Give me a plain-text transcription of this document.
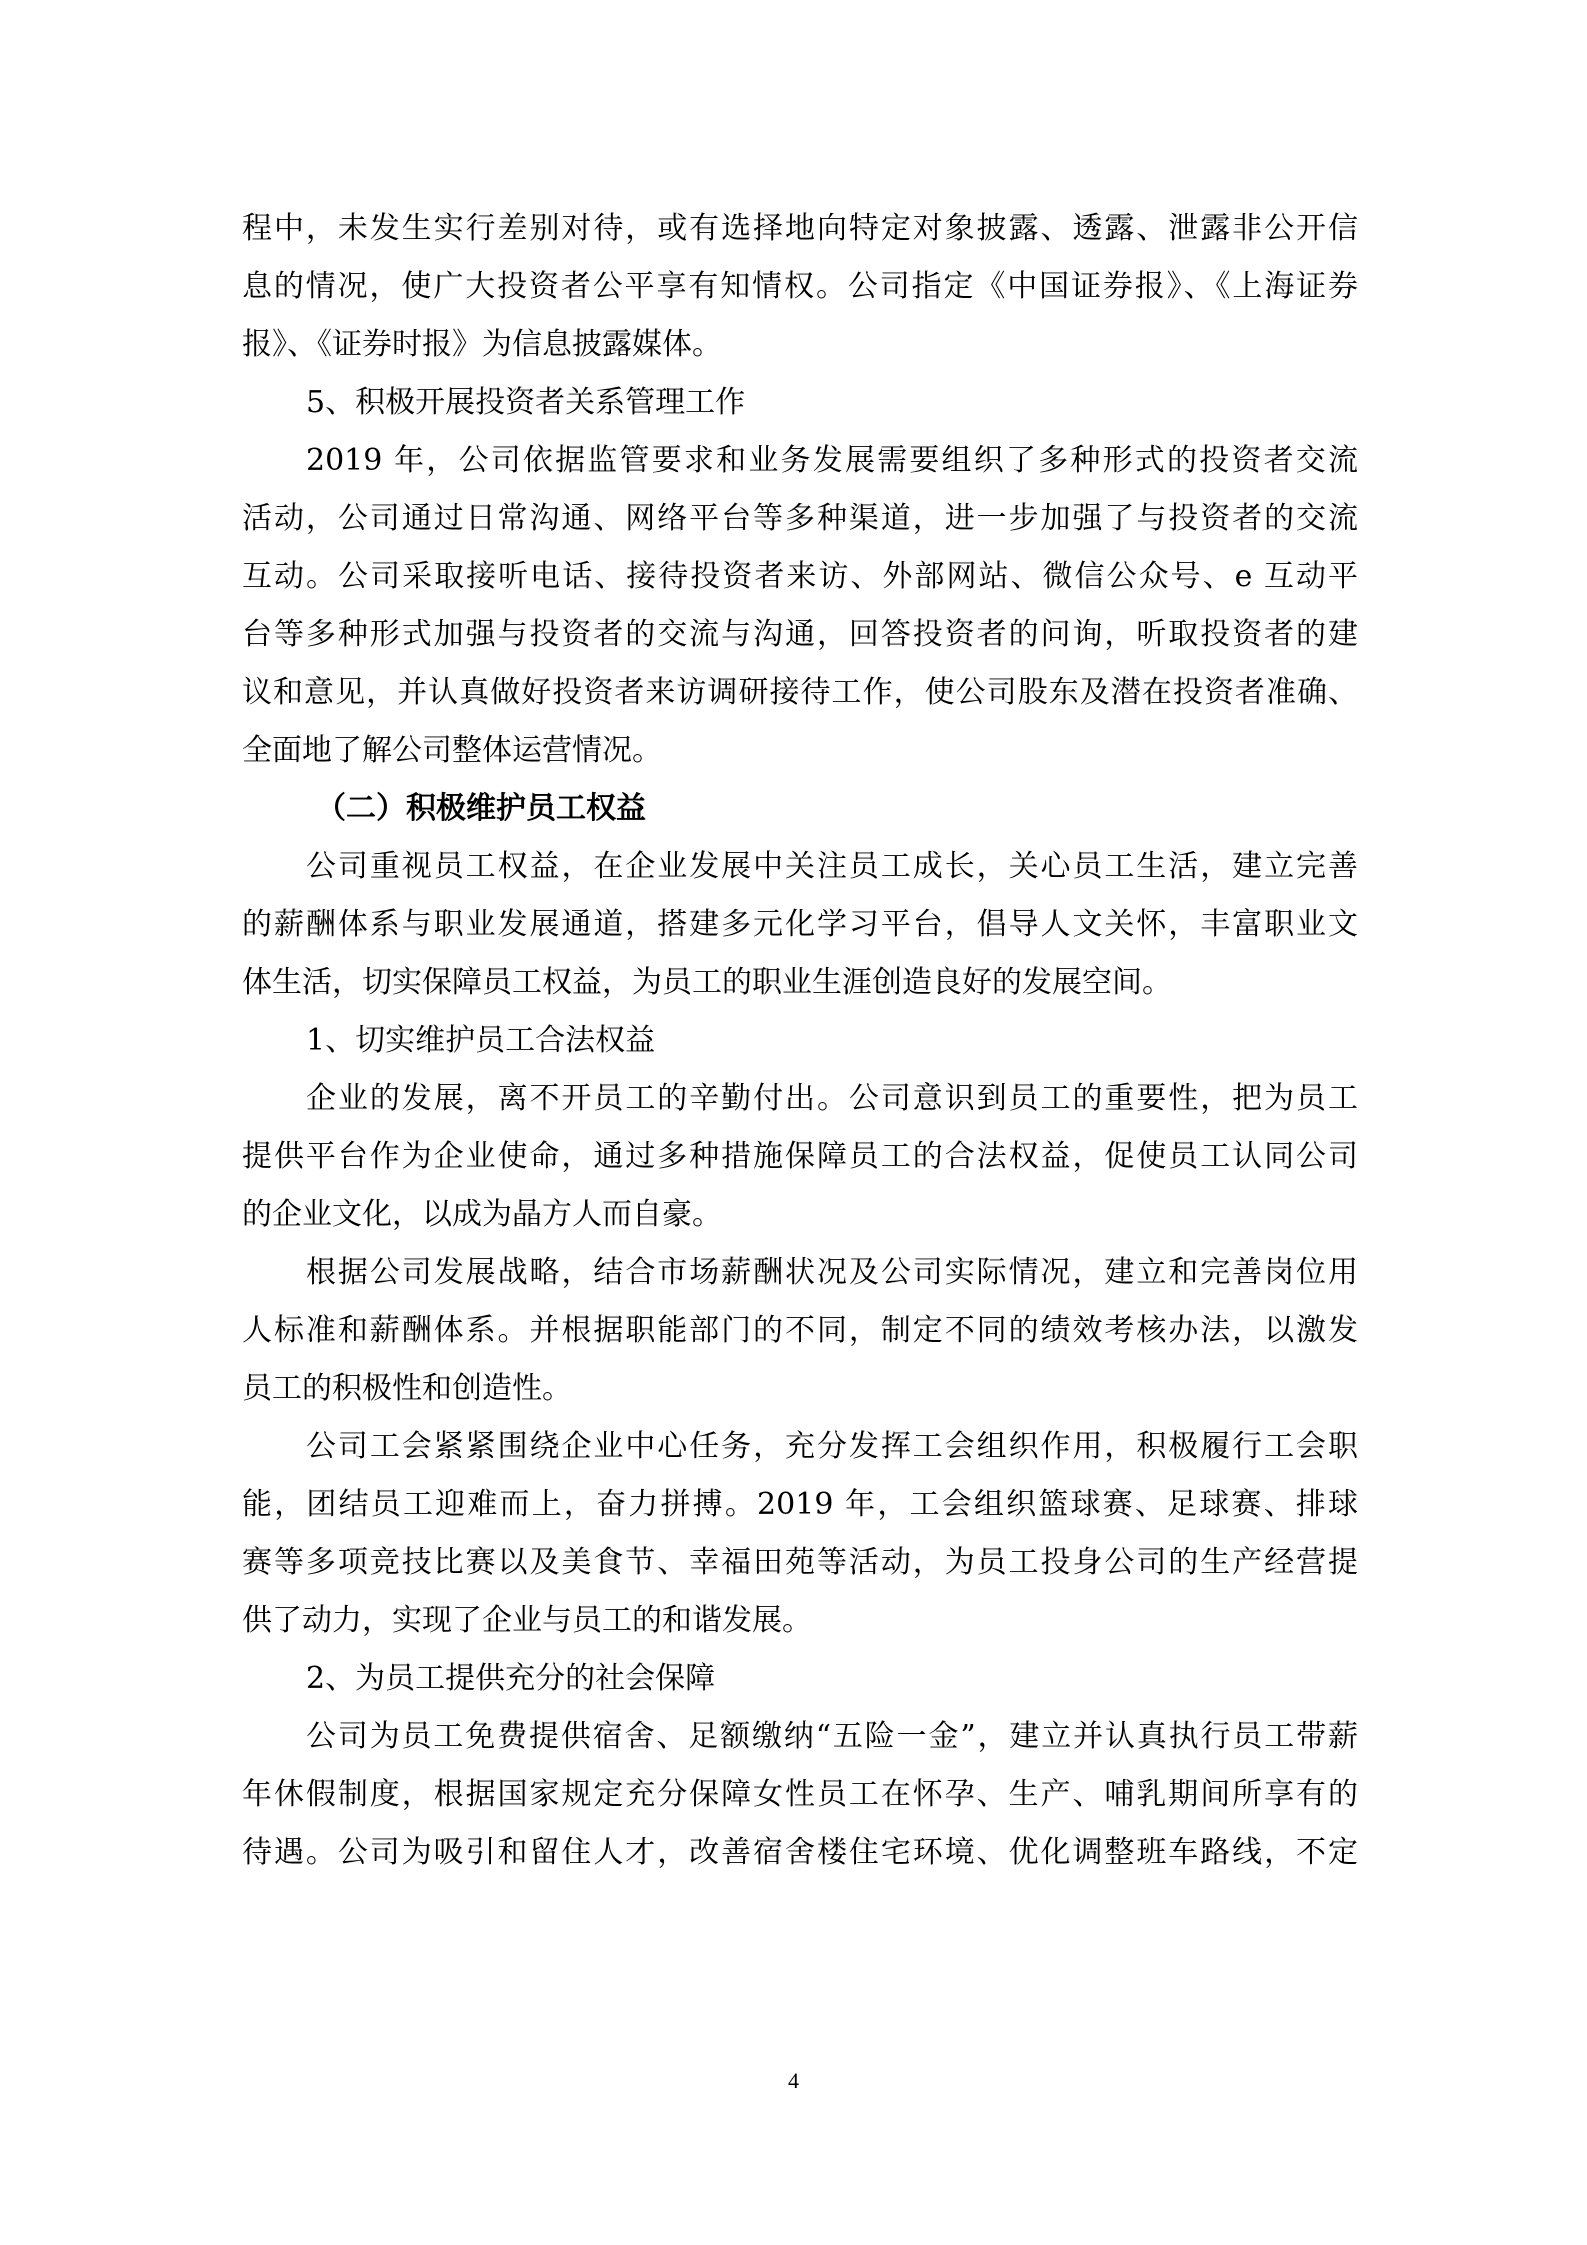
程中，未发生实行差别对待，或有选择地向特定对象披露、透露、泄露非公开信
息的情况，使广大投资者公平享有知情权。公司指定《中国证券报》、《上海证券
报》、《证券时报》为信息披露媒体。
5、积极开展投资者关系管理工作
2019 年，公司依据监管要求和业务发展需要组织了多种形式的投资者交流
活动，公司通过日常沟通、网络平台等多种渠道，进一步加强了与投资者的交流
互动。公司采取接听电话、接待投资者来访、外部网站、微信公众号、e 互动平
台等多种形式加强与投资者的交流与沟通，回答投资者的问询，听取投资者的建
议和意见，并认真做好投资者来访调研接待工作，使公司股东及潜在投资者准确、
全面地了解公司整体运营情况。
（二）积极维护员工权益
公司重视员工权益，在企业发展中关注员工成长，关心员工生活，建立完善
的薪酬体系与职业发展通道，搭建多元化学习平台，倡导人文关怀，丰富职业文
体生活，切实保障员工权益，为员工的职业生涯创造良好的发展空间。
1、切实维护员工合法权益
企业的发展，离不开员工的辛勤付出。公司意识到员工的重要性，把为员工
提供平台作为企业使命，通过多种措施保障员工的合法权益，促使员工认同公司
的企业文化，以成为晶方人而自豪。
根据公司发展战略，结合市场薪酬状况及公司实际情况，建立和完善岗位用
人标准和薪酬体系。并根据职能部门的不同，制定不同的绩效考核办法，以激发
员工的积极性和创造性。
公司工会紧紧围绕企业中心任务，充分发挥工会组织作用，积极履行工会职
能，团结员工迎难而上，奋力拼搏。2019 年，工会组织篮球赛、足球赛、排球
赛等多项竞技比赛以及美食节、幸福田苑等活动，为员工投身公司的生产经营提
供了动力，实现了企业与员工的和谐发展。
2、为员工提供充分的社会保障
公司为员工免费提供宿舍、足额缴纳“五险一金”，建立并认真执行员工带薪
年休假制度，根据国家规定充分保障女性员工在怀孕、生产、哺乳期间所享有的
待遇。公司为吸引和留住人才，改善宿舍楼住宅环境、优化调整班车路线，不定
4
